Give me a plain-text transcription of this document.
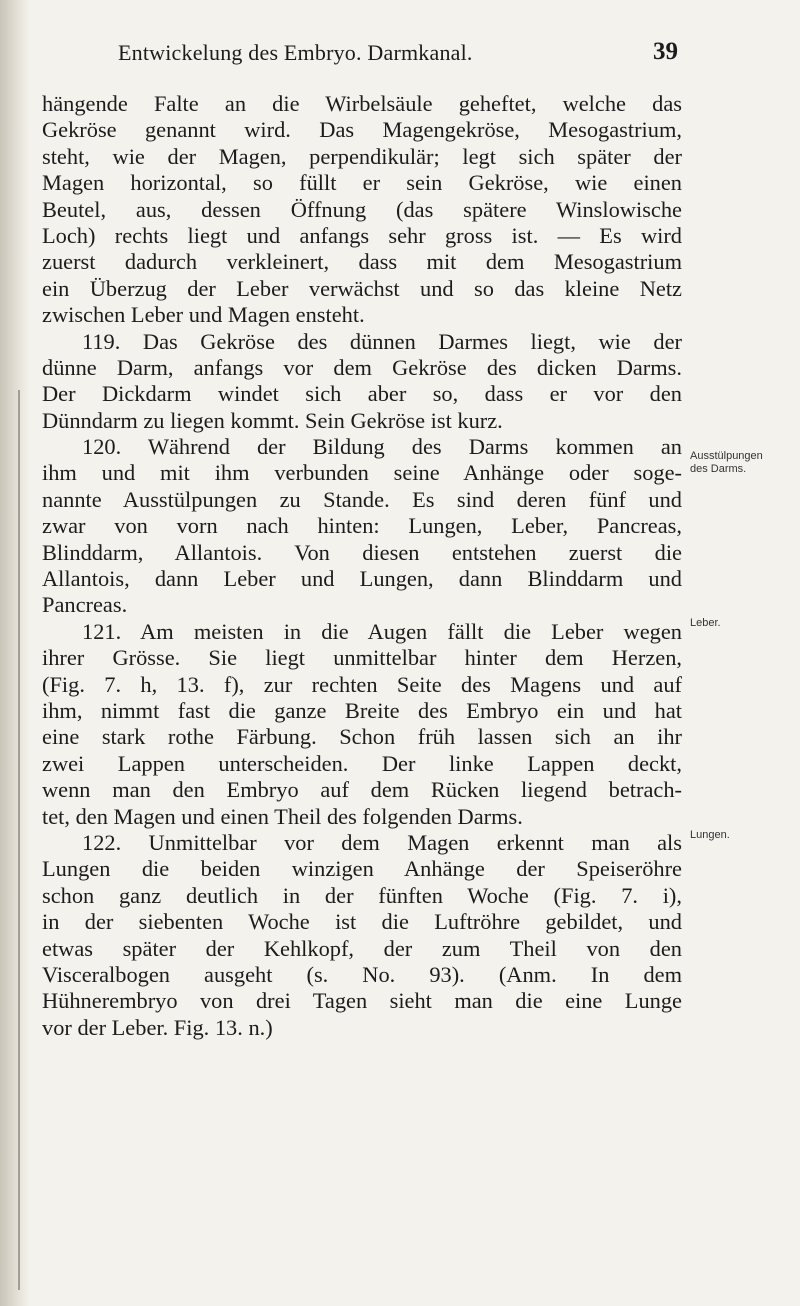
Entwickelung des Embryo. Darmkanal.	39
hängende Falte an die Wirbelsäule geheftet, welche das
Gekröse genannt wird. Das Magengekröse, Mesogastrium,
steht, wie der Magen, perpendikulär; legt sich später der
Magen horizontal, so füllt er sein Gekröse, wie einen
Beutel, aus, dessen Öffnung (das spätere Winslowische
Loch) rechts liegt und anfangs sehr gross ist. — Es wird
zuerst dadurch verkleinert, dass mit dem Mesogastrium
ein Überzug der Leber verwächst und so das kleine Netz
zwischen Leber und Magen ensteht.
119. Das Gekröse des dünnen Darmes liegt, wie der
dünne Darm, anfangs vor dem Gekröse des dicken Darms.
Der Dickdarm windet sich aber so, dass er vor den
Dünndarm zu liegen kommt. Sein Gekröse ist kurz.
120. Während der Bildung des Darms kommen an
ihm und mit ihm verbunden seine Anhänge oder soge-
nannte Ausstülpungen zu Stande. Es sind deren fünf und
zwar von vorn nach hinten: Lungen, Leber, Pancreas,
Blinddarm, Allantois. Von diesen entstehen zuerst die
Allantois, dann Leber und Lungen, dann Blinddarm und
Pancreas.
121. Am meisten in die Augen fällt die Leber wegen
ihrer Grösse. Sie liegt unmittelbar hinter dem Herzen,
(Fig. 7. h, 13. f), zur rechten Seite des Magens und auf
ihm, nimmt fast die ganze Breite des Embryo ein und hat
eine stark rothe Färbung. Schon früh lassen sich an ihr
zwei Lappen unterscheiden. Der linke Lappen deckt,
wenn man den Embryo auf dem Rücken liegend betrach-
tet, den Magen und einen Theil des folgenden Darms.
122. Unmittelbar vor dem Magen erkennt man als
Lungen die beiden winzigen Anhänge der Speiseröhre
schon ganz deutlich in der fünften Woche (Fig. 7. i),
in der siebenten Woche ist die Luftröhre gebildet, und
etwas später der Kehlkopf, der zum Theil von den
Visceralbogen ausgeht (s. No. 93). (Anm. In dem
Hühnerembryo von drei Tagen sieht man die eine Lunge
vor der Leber. Fig. 13. n.)
Ausstülpungen
des Darms.
Leber.
Lungen.
